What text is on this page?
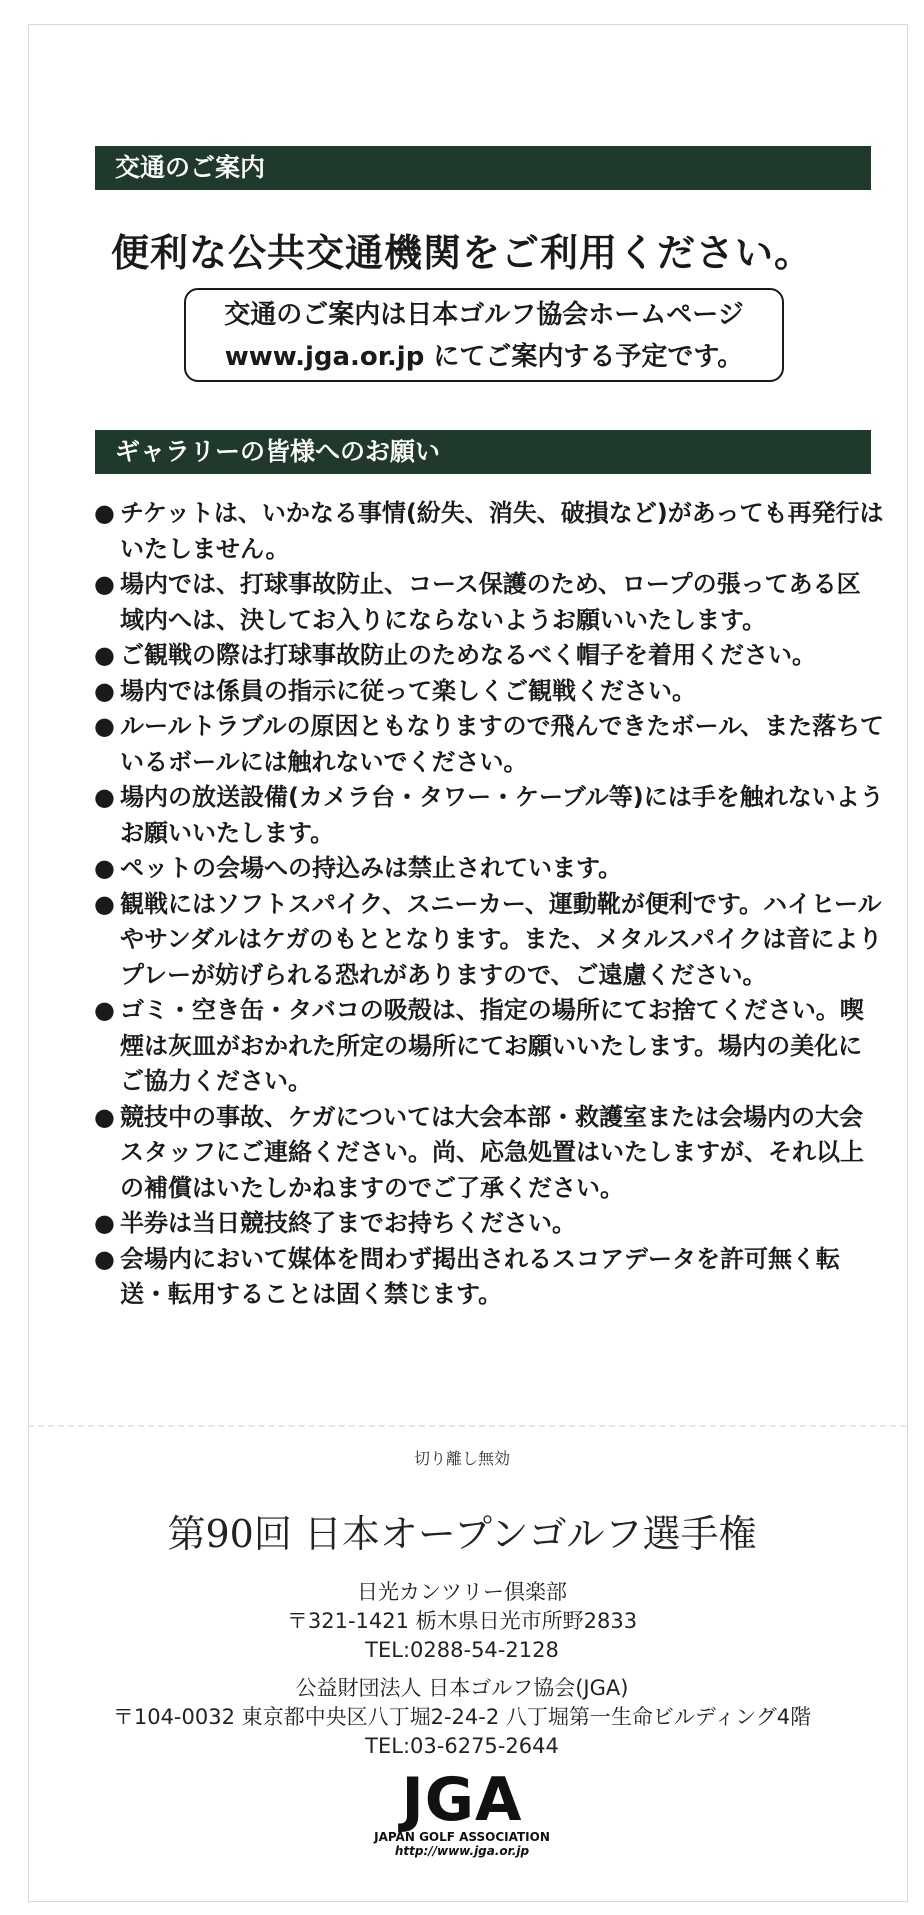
交通のご案内
便利な公共交通機関をご利用ください。
交通のご案内は日本ゴルフ協会ホームページ
www.jga.or.jp にてご案内する予定です。
ギャラリーの皆様へのお願い
● チケットは、いかなる事情(紛失、消失、破損など)があっても再発行はいたしません。
● 場内では、打球事故防止、コース保護のため、ロープの張ってある区域内へは、決してお入りにならないようお願いいたします。
● ご観戦の際は打球事故防止のためなるべく帽子を着用ください。
● 場内では係員の指示に従って楽しくご観戦ください。
● ルールトラブルの原因ともなりますので飛んできたボール、また落ちているボールには触れないでください。
● 場内の放送設備(カメラ台・タワー・ケーブル等)には手を触れないようお願いいたします。
● ペットの会場への持込みは禁止されています。
● 観戦にはソフトスパイク、スニーカー、運動靴が便利です。ハイヒールやサンダルはケガのもととなります。また、メタルスパイクは音によりプレーが妨げられる恐れがありますので、ご遠慮ください。
● ゴミ・空き缶・タバコの吸殻は、指定の場所にてお捨てください。喫煙は灰皿がおかれた所定の場所にてお願いいたします。場内の美化にご協力ください。
● 競技中の事故、ケガについては大会本部・救護室または会場内の大会スタッフにご連絡ください。尚、応急処置はいたしますが、それ以上の補償はいたしかねますのでご了承ください。
● 半券は当日競技終了までお持ちください。
● 会場内において媒体を問わず掲出されるスコアデータを許可無く転送・転用することは固く禁じます。
切り離し無効
第90回 日本オープンゴルフ選手権
日光カンツリー倶楽部
〒321-1421 栃木県日光市所野2833
TEL:0288-54-2128
公益財団法人 日本ゴルフ協会(JGA)
〒104-0032 東京都中央区八丁堀2-24-2 八丁堀第一生命ビルディング4階
TEL:03-6275-2644
JGA
JAPAN GOLF ASSOCIATION
http://www.jga.or.jp
